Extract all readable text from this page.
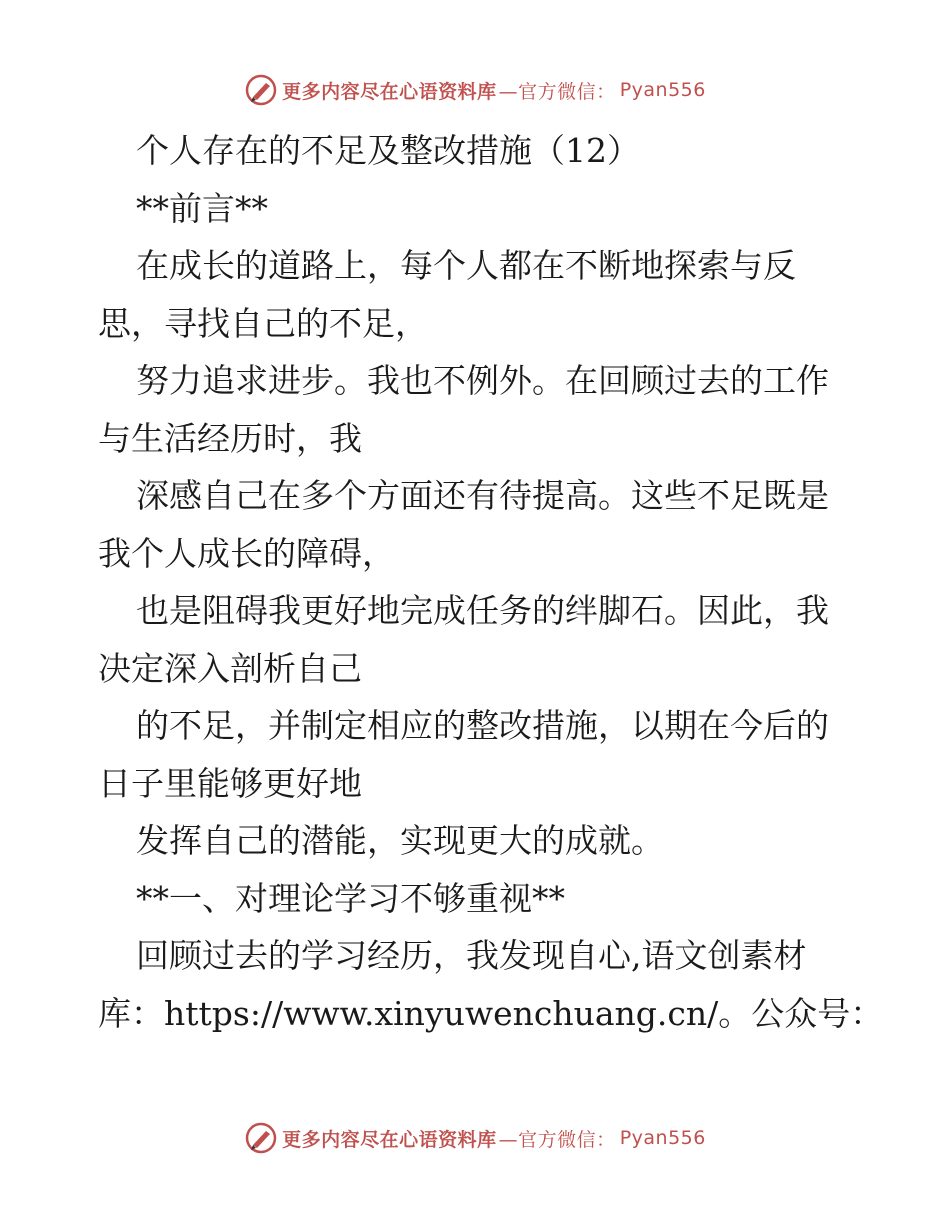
更多内容尽在心语资料库 —官方微信： Pyan556
个人存在的不足及整改措施（12）
**前言**
在成长的道路上，每个人都在不断地探索与反
思，寻找自己的不足，
努力追求进步。我也不例外。在回顾过去的工作
与生活经历时，我
深感自己在多个方面还有待提高。这些不足既是
我个人成长的障碍，
也是阻碍我更好地完成任务的绊脚石。因此，我
决定深入剖析自己
的不足，并制定相应的整改措施，以期在今后的
日子里能够更好地
发挥自己的潜能，实现更大的成就。
**一、对理论学习不够重视**
回顾过去的学习经历，我发现自心,语文创素材
库：https://www.xinyuwenchuang.cn/。公众号：
更多内容尽在心语资料库 —官方微信： Pyan556
